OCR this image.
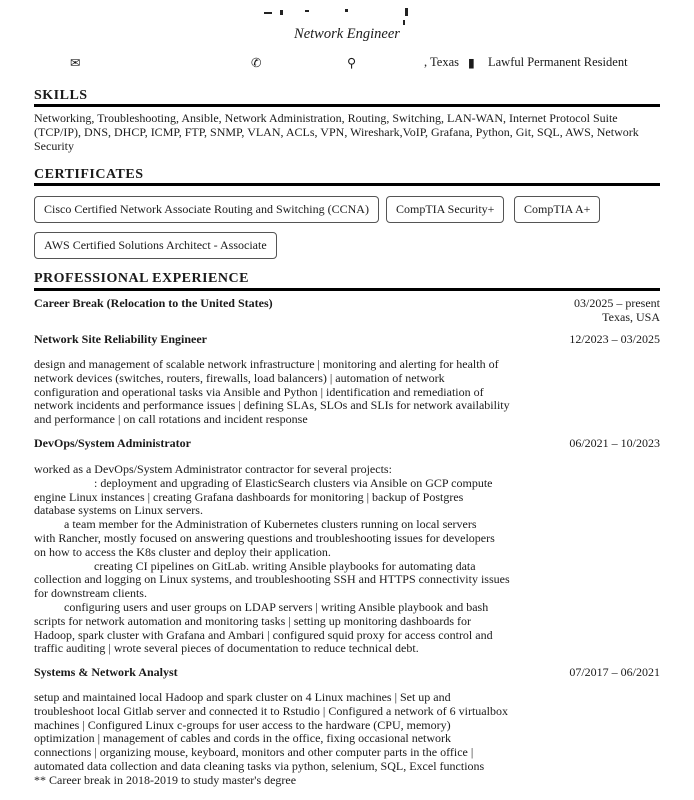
Network Engineer
✉	✆	⚲	, Texas ▮ Lawful Permanent Resident
SKILLS
Networking, Troubleshooting, Ansible, Network Administration, Routing, Switching, LAN-WAN, Internet Protocol Suite
(TCP/IP), DNS, DHCP, ICMP, FTP, SNMP, VLAN, ACLs, VPN, Wireshark,VoIP, Grafana, Python, Git, SQL, AWS, Network
Security
CERTIFICATES
Cisco Certified Network Associate Routing and Switching (CCNA)	CompTIA Security+	CompTIA A+
AWS Certified Solutions Architect - Associate
PROFESSIONAL EXPERIENCE
Career Break (Relocation to the United States)	03/2025 – present
Texas, USA
Network Site Reliability Engineer	12/2023 – 03/2025
design and management of scalable network infrastructure | monitoring and alerting for health of
network devices (switches, routers, firewalls, load balancers) | automation of network
configuration and operational tasks via Ansible and Python | identification and remediation of
network incidents and performance issues | defining SLAs, SLOs and SLIs for network availability
and performance | on call rotations and incident response
DevOps/System Administrator	06/2021 – 10/2023
worked as a DevOps/System Administrator contractor for several projects:
: deployment and upgrading of ElasticSearch clusters via Ansible on GCP compute
engine Linux instances | creating Grafana dashboards for monitoring | backup of Postgres
database systems on Linux servers.
a team member for the Administration of Kubernetes clusters running on local servers
with Rancher, mostly focused on answering questions and troubleshooting issues for developers
on how to access the K8s cluster and deploy their application.
creating CI pipelines on GitLab. writing Ansible playbooks for automating data
collection and logging on Linux systems, and troubleshooting SSH and HTTPS connectivity issues
for downstream clients.
configuring users and user groups on LDAP servers | writing Ansible playbook and bash
scripts for network automation and monitoring tasks | setting up monitoring dashboards for
Hadoop, spark cluster with Grafana and Ambari | configured squid proxy for access control and
traffic auditing | wrote several pieces of documentation to reduce technical debt.
Systems & Network Analyst	07/2017 – 06/2021
setup and maintained local Hadoop and spark cluster on 4 Linux machines | Set up and
troubleshoot local Gitlab server and connected it to Rstudio | Configured a network of 6 virtualbox
machines | Configured Linux c-groups for user access to the hardware (CPU, memory)
optimization | management of cables and cords in the office, fixing occasional network
connections | organizing mouse, keyboard, monitors and other computer parts in the office |
automated data collection and data cleaning tasks via python, selenium, SQL, Excel functions
** Career break in 2018-2019 to study master's degree
